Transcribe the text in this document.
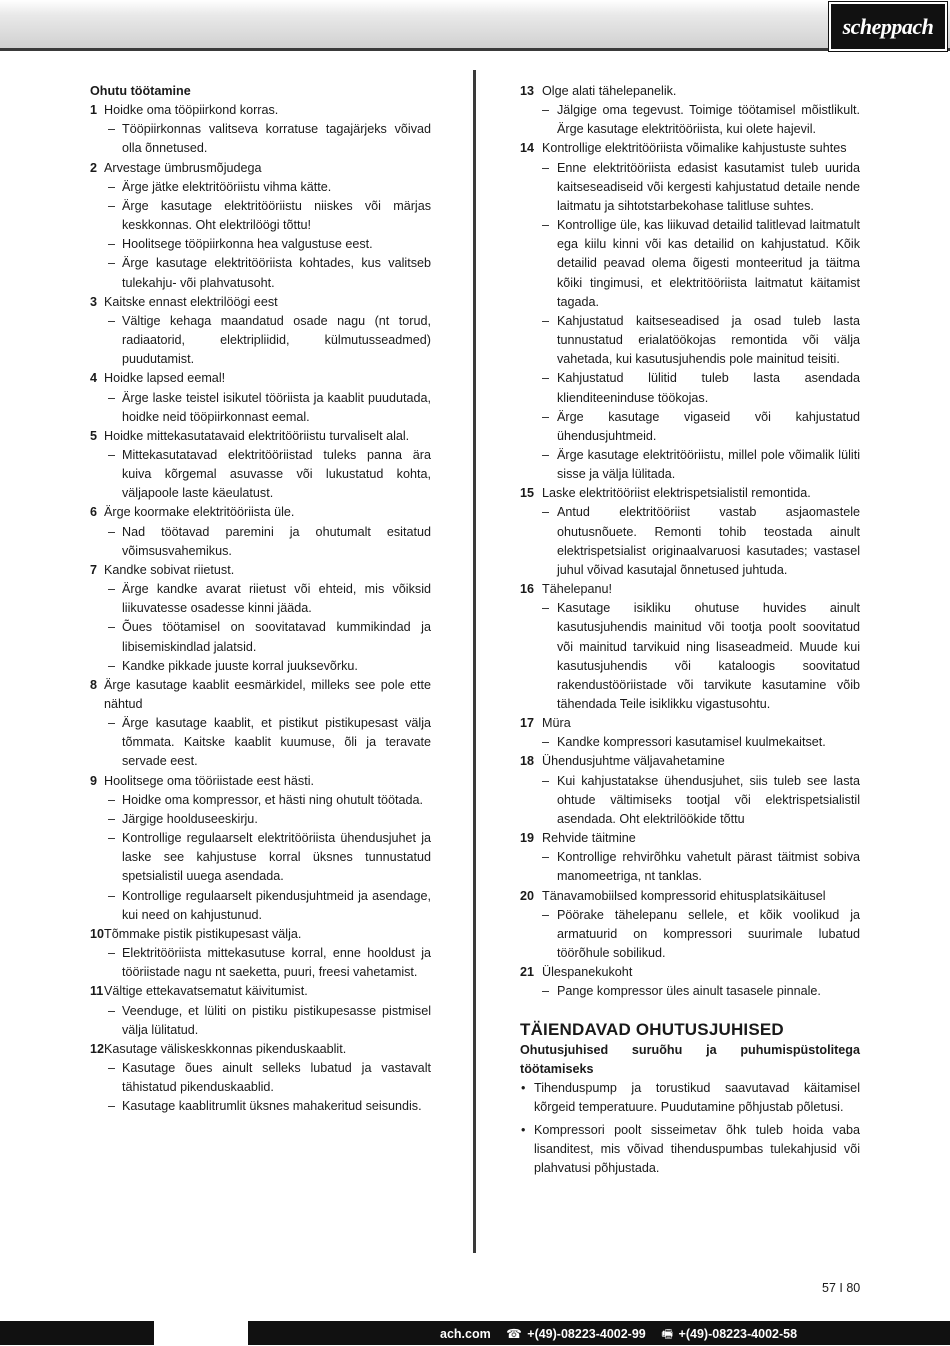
scheppach
Ohutu töötamine
1 Hoidke oma tööpiirkond korras.
– Tööpiirkonnas valitseva korratuse tagajärjeks võivad olla õnnetused.
2 Arvestage ümbrusmõjudega
– Ärge jätke elektritööriistu vihma kätte.
– Ärge kasutage elektritööriistu niiskes või märjas keskkonnas. Oht elektrilöögi tõttu!
– Hoolitsege tööpiirkonna hea valgustuse eest.
– Ärge kasutage elektritööriista kohtades, kus valitseb tulekahju- või plahvatusoht.
3 Kaitske ennast elektrilöögi eest
– Vältige kehaga maandatud osade nagu (nt torud, radiaatorid, elektripliidid, külmutusseadmed) puudutamist.
4 Hoidke lapsed eemal!
– Ärge laske teistel isikutel tööriista ja kaablit puudutada, hoidke neid tööpiirkonnast eemal.
5 Hoidke mittekasutatavaid elektritööriistu turvaliselt alal.
– Mittekasutatavad elektritööriistad tuleks panna ära kuiva kõrgemal asuvasse või lukustatud kohta, väljapoole laste käeulatust.
6 Ärge koormake elektritööriista üle.
– Nad töötavad paremini ja ohutumalt esitatud võimsusvahemikus.
7 Kandke sobivat riietust.
– Ärge kandke avarat riietust või ehteid, mis võiksid liikuvatesse osadesse kinni jääda.
– Õues töötamisel on soovitatavad kummikindad ja libisemiskindlad jalatsid.
– Kandke pikkade juuste korral juuksevõrku.
8 Ärge kasutage kaablit eesmärkidel, milleks see pole ette nähtud
– Ärge kasutage kaablit, et pistikut pistikupesast välja tõmmata. Kaitske kaablit kuumuse, õli ja teravate servade eest.
9 Hoolitsege oma tööriistade eest hästi.
– Hoidke oma kompressor, et hästi ning ohutult töötada.
– Järgige hoolduseeskirju.
– Kontrollige regulaarselt elektritööriista ühendusjuhet ja laske see kahjustuse korral üksnes tunnustatud spetsialistil uuega asendada.
– Kontrollige regulaarselt pikendusjuhtmeid ja asendage, kui need on kahjustunud.
10 Tõmmake pistik pistikupesast välja.
– Elektritööriista mittekasutuse korral, enne hooldust ja tööriistade nagu nt saeketta, puuri, freesi vahetamist.
11 Vältige ettekavatsematut käivitumist.
– Veenduge, et lüliti on pistiku pistikupesasse pistmisel välja lülitatud.
12 Kasutage väliskeskkonnas pikenduskaablit.
– Kasutage õues ainult selleks lubatud ja vastavalt tähistatud pikenduskaablid.
– Kasutage kaablitrumlit üksnes mahakeritud seisundis.
13 Olge alati tähelepanelik.
– Jälgige oma tegevust. Toimige töötamisel mõistlikult. Ärge kasutage elektritööriista, kui olete hajevil.
14 Kontrollige elektritööriista võimalike kahjustuste suhtes
– Enne elektritööriista edasist kasutamist tuleb uurida kaitseseadiseid või kergesti kahjustatud detaile nende laitmatu ja sihtotstarbekohase talitluse suhtes.
– Kontrollige üle, kas liikuvad detailid talitlevad laitmatult ega kiilu kinni või kas detailid on kahjustatud. Kõik detailid peavad olema õigesti monteeritud ja täitma kõiki tingimusi, et elektritööriista laitmatut käitamist tagada.
– Kahjustatud kaitseseadised ja osad tuleb lasta tunnustatud erialatöökojas remontida või välja vahetada, kui kasutusjuhendis pole mainitud teisiti.
– Kahjustatud lülitid tuleb lasta asendada klienditeeninduse töökojas.
– Ärge kasutage vigaseid või kahjustatud ühendusjuhtmeid.
– Ärge kasutage elektritööriistu, millel pole võimalik lüliti sisse ja välja lülitada.
15 Laske elektritööriist elektrispetsialistil remontida.
– Antud elektritööriist vastab asjaomastele ohutusnõuete. Remonti tohib teostada ainult elektrispetsialist originaalvaruosi kasutades; vastasel juhul võivad kasutajal õnnetused juhtuda.
16 Tähelepanu!
– Kasutage isikliku ohutuse huvides ainult kasutusjuhendis mainitud või tootja poolt soovitatud või mainitud tarvikuid ning lisaseadmeid. Muude kui kasutusjuhendis või kataloogis soovitatud rakendustööriistade või tarvikute kasutamine võib tähendada Teile isiklikku vigastusohtu.
17 Müra
– Kandke kompressori kasutamisel kuulmekaitset.
18 Ühendusjuhtme väljavahetamine
– Kui kahjustatakse ühendusjuhet, siis tuleb see lasta ohtude vältimiseks tootjal või elektrispetsialistil asendada. Oht elektrilöökide tõttu
19 Rehvide täitmine
– Kontrollige rehvirõhku vahetult pärast täitmist sobiva manomeetriga, nt tanklas.
20 Tänavamobiilsed kompressorid ehitusplatsikäitusel
– Pöörake tähelepanu sellele, et kõik voolikud ja armatuurid on kompressori suurimale lubatud töörõhule sobilikud.
21 Ülespanekukoht
– Pange kompressor üles ainult tasasele pinnale.
TÄIENDAVAD OHUTUSJUHISED
Ohutusjuhised suruõhu ja puhumispüstolitega
töötamiseks
• Tihenduspump ja torustikud saavutavad käitamisel kõrgeid temperatuure. Puudutamine põhjustab põletusi.
• Kompressori poolt sisseimetav õhk tuleb hoida vaba lisanditest, mis võivad tihenduspumbas tulekahjusid või plahvatusi põhjustada.
57 I 80
ach.com ☎ +(49)-08223-4002-99 🖷 +(49)-08223-4002-58
